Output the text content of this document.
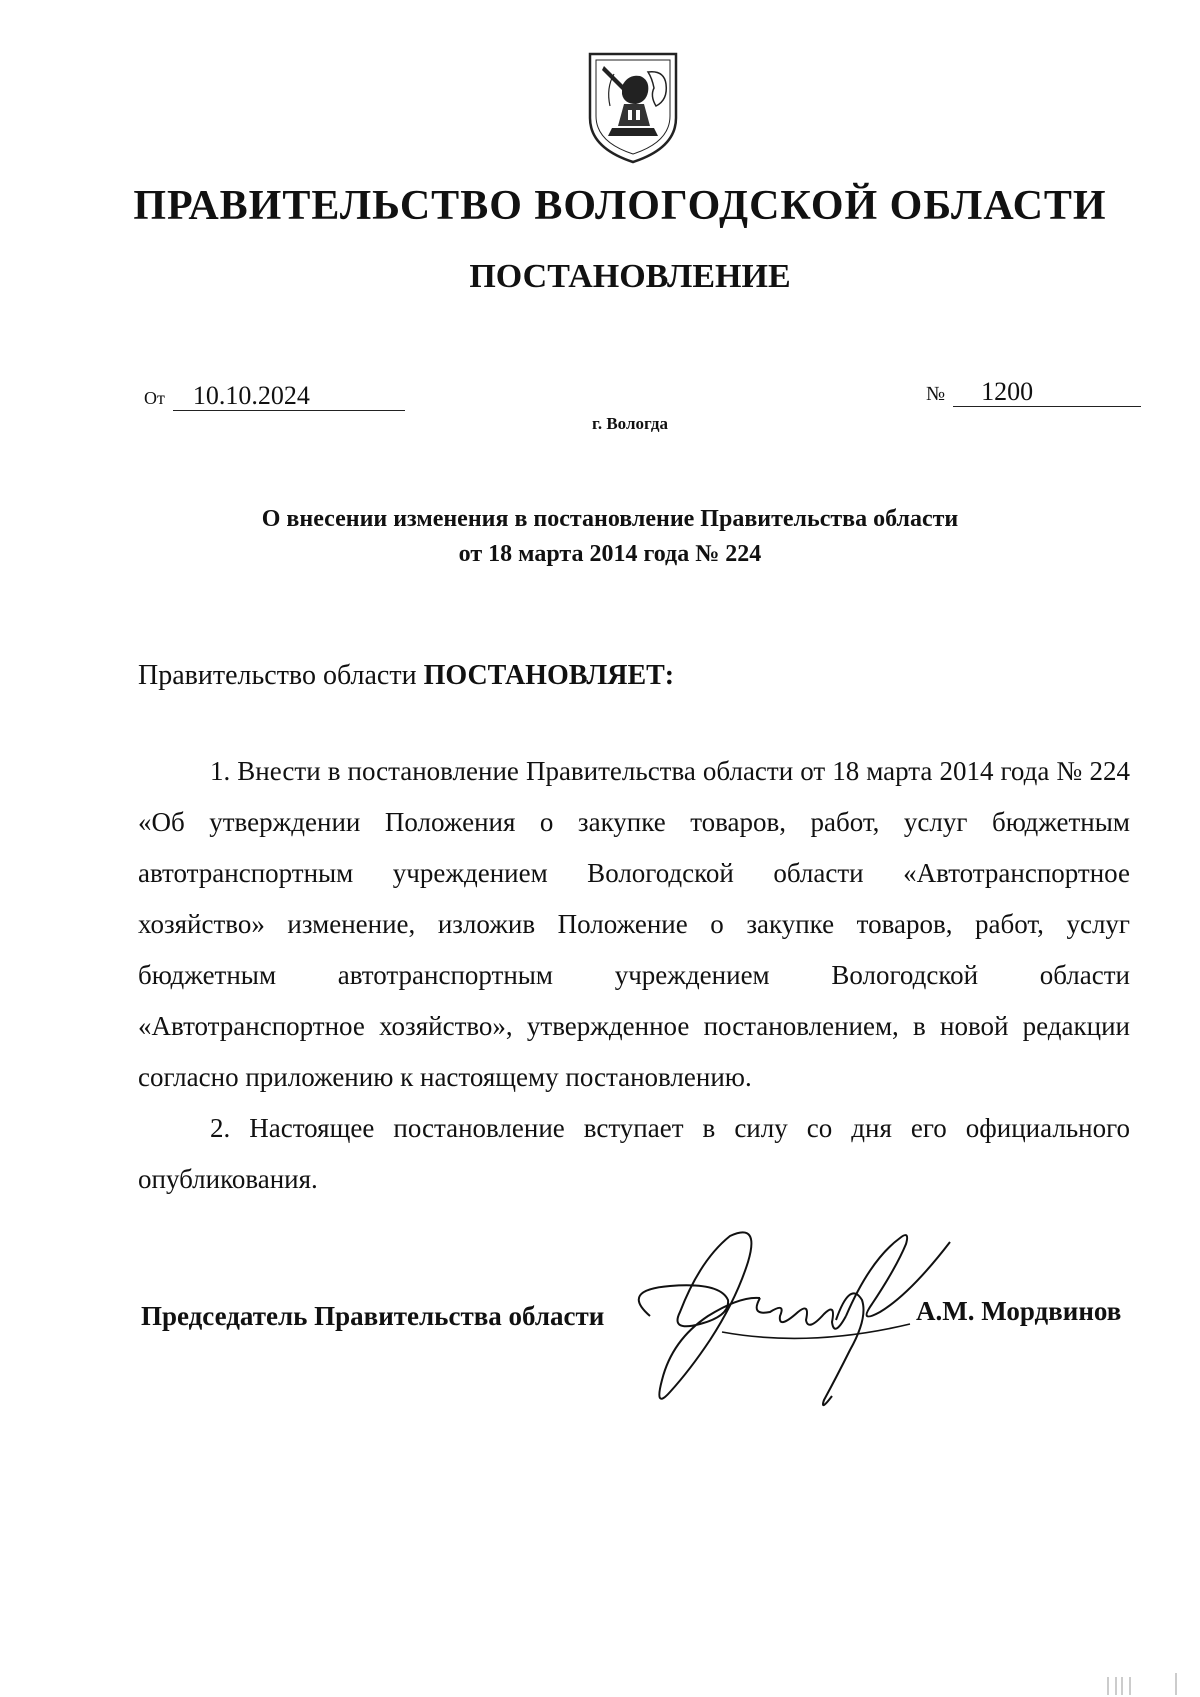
ПРАВИТЕЛЬСТВО ВОЛОГОДСКОЙ ОБЛАСТИ
ПОСТАНОВЛЕНИЕ
От 10.10.2024	№ 1200
г. Вологда
О внесении изменения в постановление Правительства области
от 18 марта 2014 года № 224
Правительство области ПОСТАНОВЛЯЕТ:

1. Внести в постановление Правительства области от 18 марта 2014 года № 224 «Об утверждении Положения о закупке товаров, работ, услуг бюджетным автотранспортным учреждением Вологодской области «Автотранспортное хозяйство» изменение, изложив Положение о закупке товаров, работ, услуг бюджетным автотранспортным учреждением Вологодской области «Автотранспортное хозяйство», утвержденное постановлением, в новой редакции согласно приложению к настоящему постановлению.

2. Настоящее постановление вступает в силу со дня его официального опубликования.

Председатель Правительства области	А.М. Мордвинов
